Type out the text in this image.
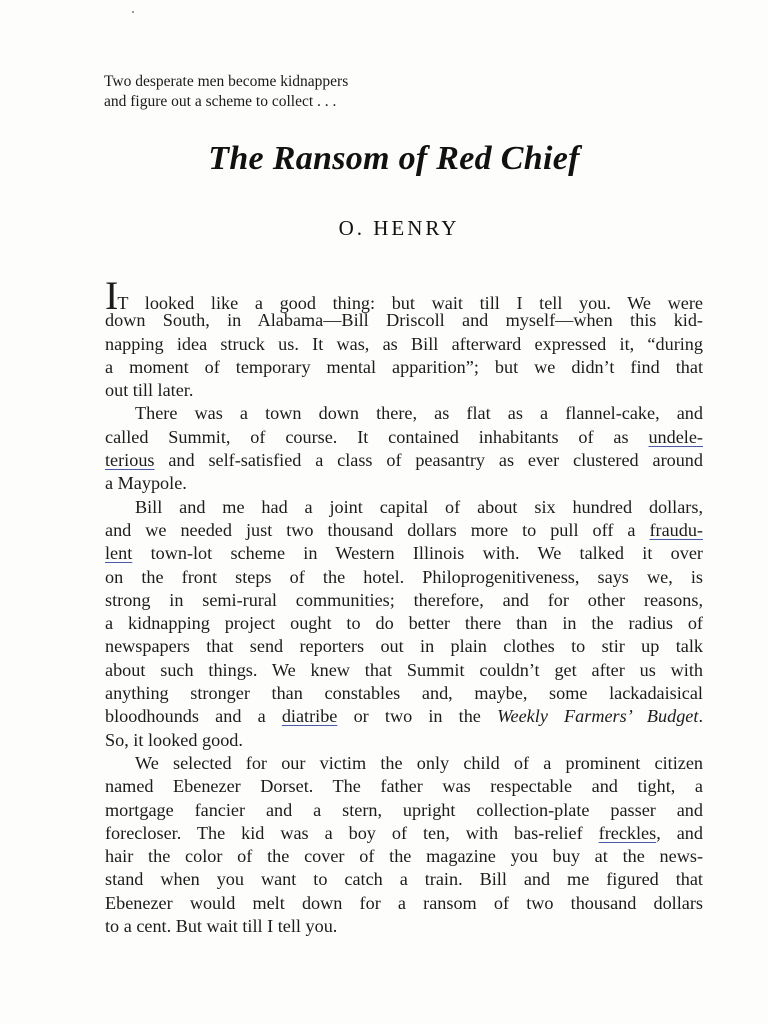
Two desperate men become kidnappers
and figure out a scheme to collect . . .
The Ransom of Red Chief
O. HENRY
IT looked like a good thing: but wait till I tell you. We were
down South, in Alabama—Bill Driscoll and myself—when this kid-
napping idea struck us. It was, as Bill afterward expressed it, “during
a moment of temporary mental apparition”; but we didn’t find that
out till later.
There was a town down there, as flat as a flannel-cake, and
called Summit, of course. It contained inhabitants of as undele-
terious and self-satisfied a class of peasantry as ever clustered around
a Maypole.
Bill and me had a joint capital of about six hundred dollars,
and we needed just two thousand dollars more to pull off a fraudu-
lent town-lot scheme in Western Illinois with. We talked it over
on the front steps of the hotel. Philoprogenitiveness, says we, is
strong in semi-rural communities; therefore, and for other reasons,
a kidnapping project ought to do better there than in the radius of
newspapers that send reporters out in plain clothes to stir up talk
about such things. We knew that Summit couldn’t get after us with
anything stronger than constables and, maybe, some lackadaisical
bloodhounds and a diatribe or two in the Weekly Farmers’ Budget.
So, it looked good.
We selected for our victim the only child of a prominent citizen
named Ebenezer Dorset. The father was respectable and tight, a
mortgage fancier and a stern, upright collection-plate passer and
forecloser. The kid was a boy of ten, with bas-relief freckles, and
hair the color of the cover of the magazine you buy at the news-
stand when you want to catch a train. Bill and me figured that
Ebenezer would melt down for a ransom of two thousand dollars
to a cent. But wait till I tell you.
